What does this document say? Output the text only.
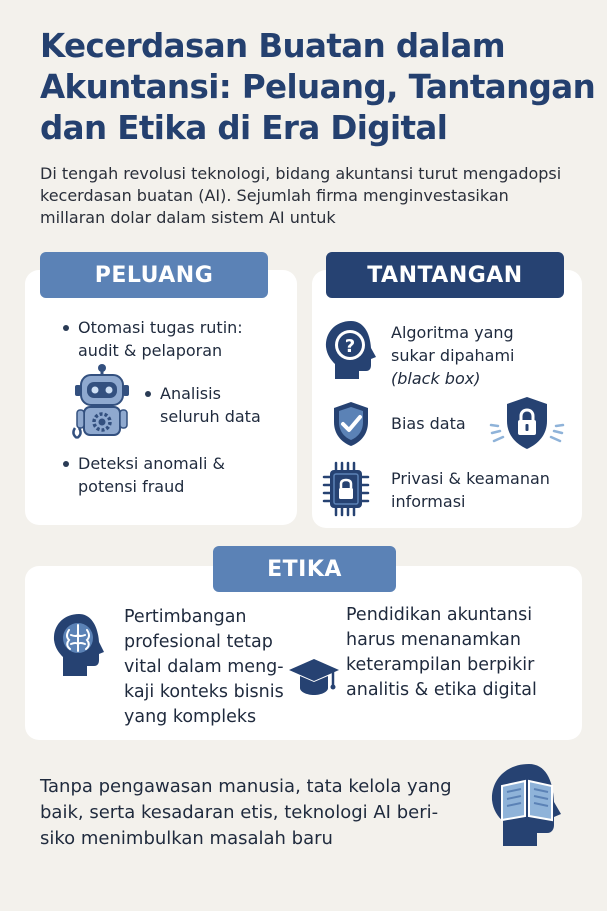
Kecerdasan Buatan dalam
Akuntansi: Peluang, Tantangan
dan Etika di Era Digital

Di tengah revolusi teknologi, bidang akuntansi turut mengadopsi
kecerdasan buatan (AI). Sejumlah firma menginvestasikan
millaran dolar dalam sistem AI untuk

PELUANG	TANTANGAN
ETIKA
Otomasi tugas rutin:
audit & pelaporan
Analisis
seluruh data
Deteksi anomali &
potensi fraud
?
Algoritma yang
sukar dipahami
(black box)
Bias data
Privasi & keamanan
informasi
Pertimbangan
profesional tetap
vital dalam meng-
kaji konteks bisnis
yang kompleks
Pendidikan akuntansi
harus menanamkan
keterampilan berpikir
analitis & etika digital

Tanpa pengawasan manusia, tata kelola yang
baik, serta kesadaran etis, teknologi AI beri-
siko menimbulkan masalah baru
